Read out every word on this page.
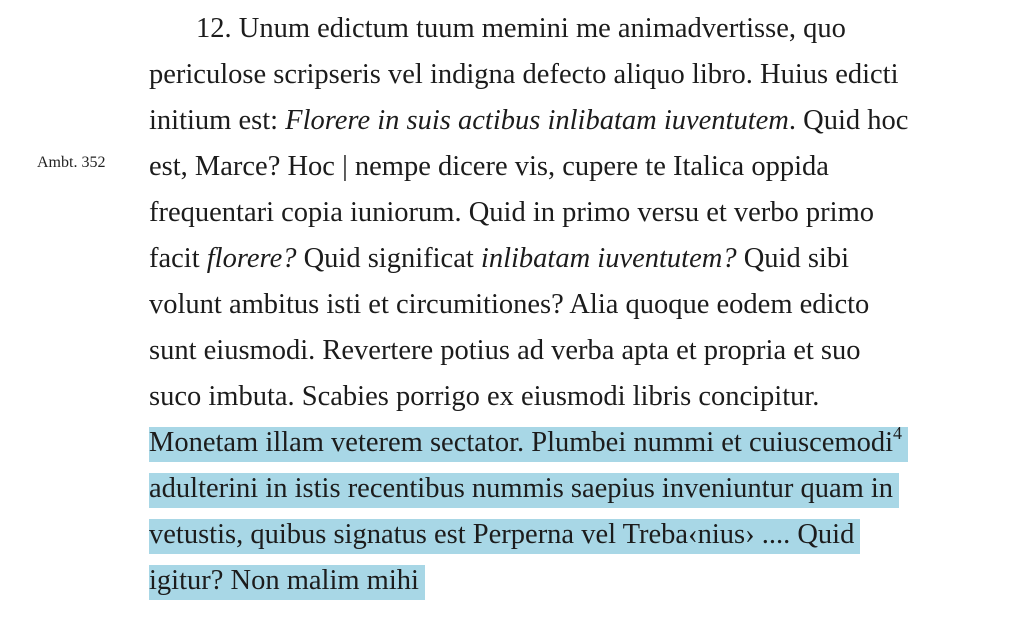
Ambt. 352
12. Unum edictum tuum memini me animadvertisse, quo
periculose scripseris vel indigna defecto aliquo libro. Huius edicti
initium est: Florere in suis actibus inlibatam iuventutem. Quid hoc
est, Marce? Hoc | nempe dicere vis, cupere te Italica oppida
frequentari copia iuniorum. Quid in primo versu et verbo primo
facit florere? Quid significat inlibatam iuventutem? Quid sibi
volunt ambitus isti et circumitiones? Alia quoque eodem edicto
sunt eiusmodi. Revertere potius ad verba apta et propria et suo
suco imbuta. Scabies porrigo ex eiusmodi libris concipitur.
Monetam illam veterem sectator. Plumbei nummi et cuiuscemodi$^4$
adulterini in istis recentibus nummis saepius inveniuntur quam in
vetustis, quibus signatus est Perperna vel Treba‹nius› .... Quid
igitur? Non malim mihi
